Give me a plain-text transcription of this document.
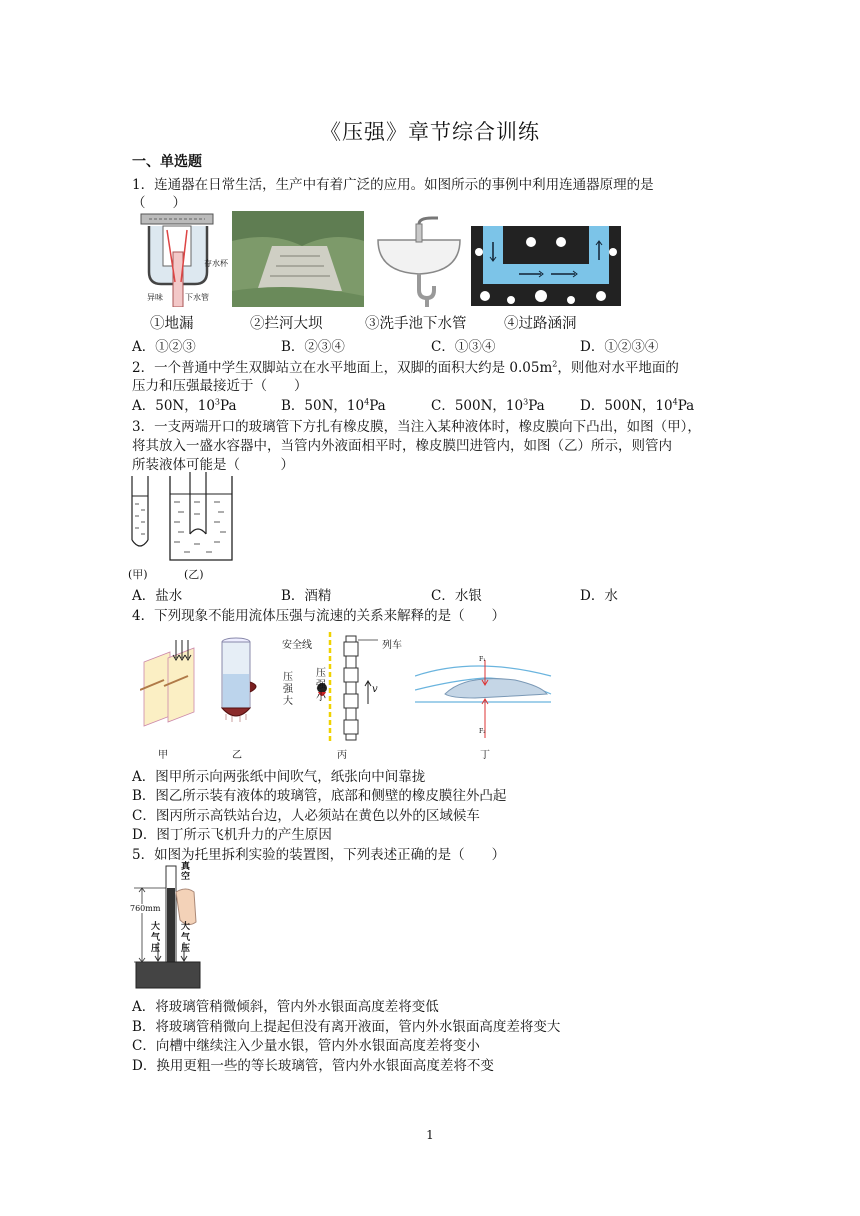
《压强》章节综合训练
一、单选题
1．连通器在日常生活，生产中有着广泛的应用。如图所示的事例中利用连通器原理的是
（　　）
存水杯
异味	下水管
①地漏	②拦河大坝	③洗手池下水管	④过路涵洞
A．①②③	B．②③④	C．①③④	D．①②③④
2．一个普通中学生双脚站立在水平地面上，双脚的面积大约是 $0.05m^2$，则他对水平地面的
压力和压强最接近于（　　）
A．50N，$10^3Pa$	B．50N，$10^4Pa$	C．500N，$10^3Pa$	D．500N，$10^4Pa$
3．一支两端开口的玻璃管下方扎有橡皮膜，当注入某种液体时，橡皮膜向下凸出，如图（甲），
将其放入一盛水容器中，当管内外液面相平时，橡皮膜凹进管内，如图（乙）所示，则管内
所装液体可能是（　　　）
(甲)	(乙)
A．盐水	B．酒精	C．水银	D．水
4．下列现象不能用流体压强与流速的关系来解释的是（　　）
安全线	列车
压强大
压强小
v
F₁
F₂
甲	乙	丙	丁
A．图甲所示向两张纸中间吹气，纸张向中间靠拢
B．图乙所示装有液体的玻璃管，底部和侧壁的橡皮膜往外凸起
C．图丙所示高铁站台边，人必须站在黄色以外的区域候车
D．图丁所示飞机升力的产生原因
5．如图为托里拆利实验的装置图，下列表述正确的是（　　）
真空
760mm
大气压
大气压
A．将玻璃管稍微倾斜，管内外水银面高度差将变低
B．将玻璃管稍微向上提起但没有离开液面，管内外水银面高度差将变大
C．向槽中继续注入少量水银，管内外水银面高度差将变小
D．换用更粗一些的等长玻璃管，管内外水银面高度差将不变
1
